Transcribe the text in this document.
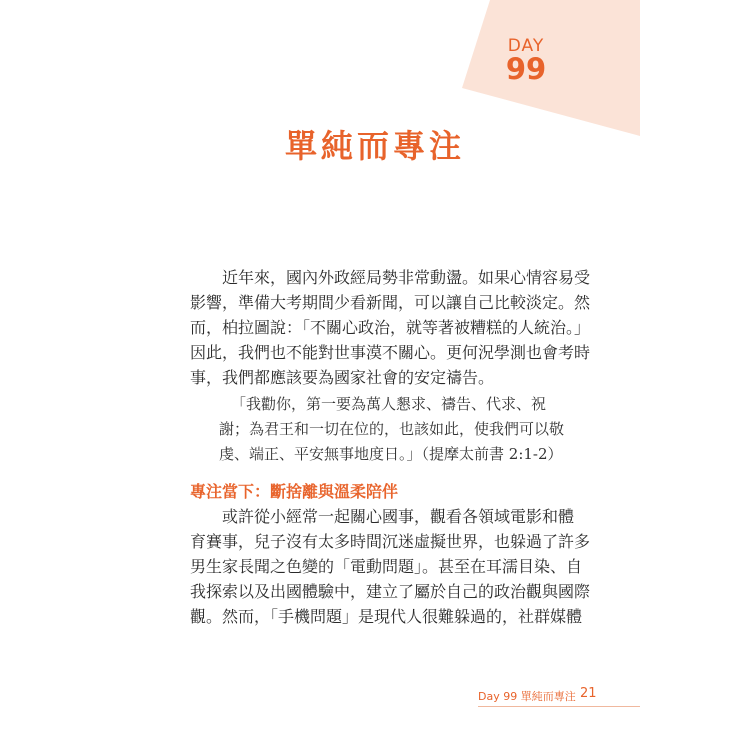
DAY
99
單純而專注
近年來，國內外政經局勢非常動盪。如果心情容易受
影響，準備大考期間少看新聞，可以讓自己比較淡定。然
而，柏拉圖說：「不關心政治，就等著被糟糕的人統治。」
因此，我們也不能對世事漠不關心。更何況學測也會考時
事，我們都應該要為國家社會的安定禱告。
「我勸你，第一要為萬人懇求、禱告、代求、祝
謝；為君王和一切在位的，也該如此，使我們可以敬
虔、端正、平安無事地度日。」（提摩太前書 2:1-2）
專注當下：斷捨離與溫柔陪伴
或許從小經常一起關心國事，觀看各領域電影和體
育賽事，兒子沒有太多時間沉迷虛擬世界，也躲過了許多
男生家長聞之色變的「電動問題」。甚至在耳濡目染、自
我探索以及出國體驗中，建立了屬於自己的政治觀與國際
觀。然而，「手機問題」是現代人很難躲過的，社群媒體
Day 99 單純而專注 21
